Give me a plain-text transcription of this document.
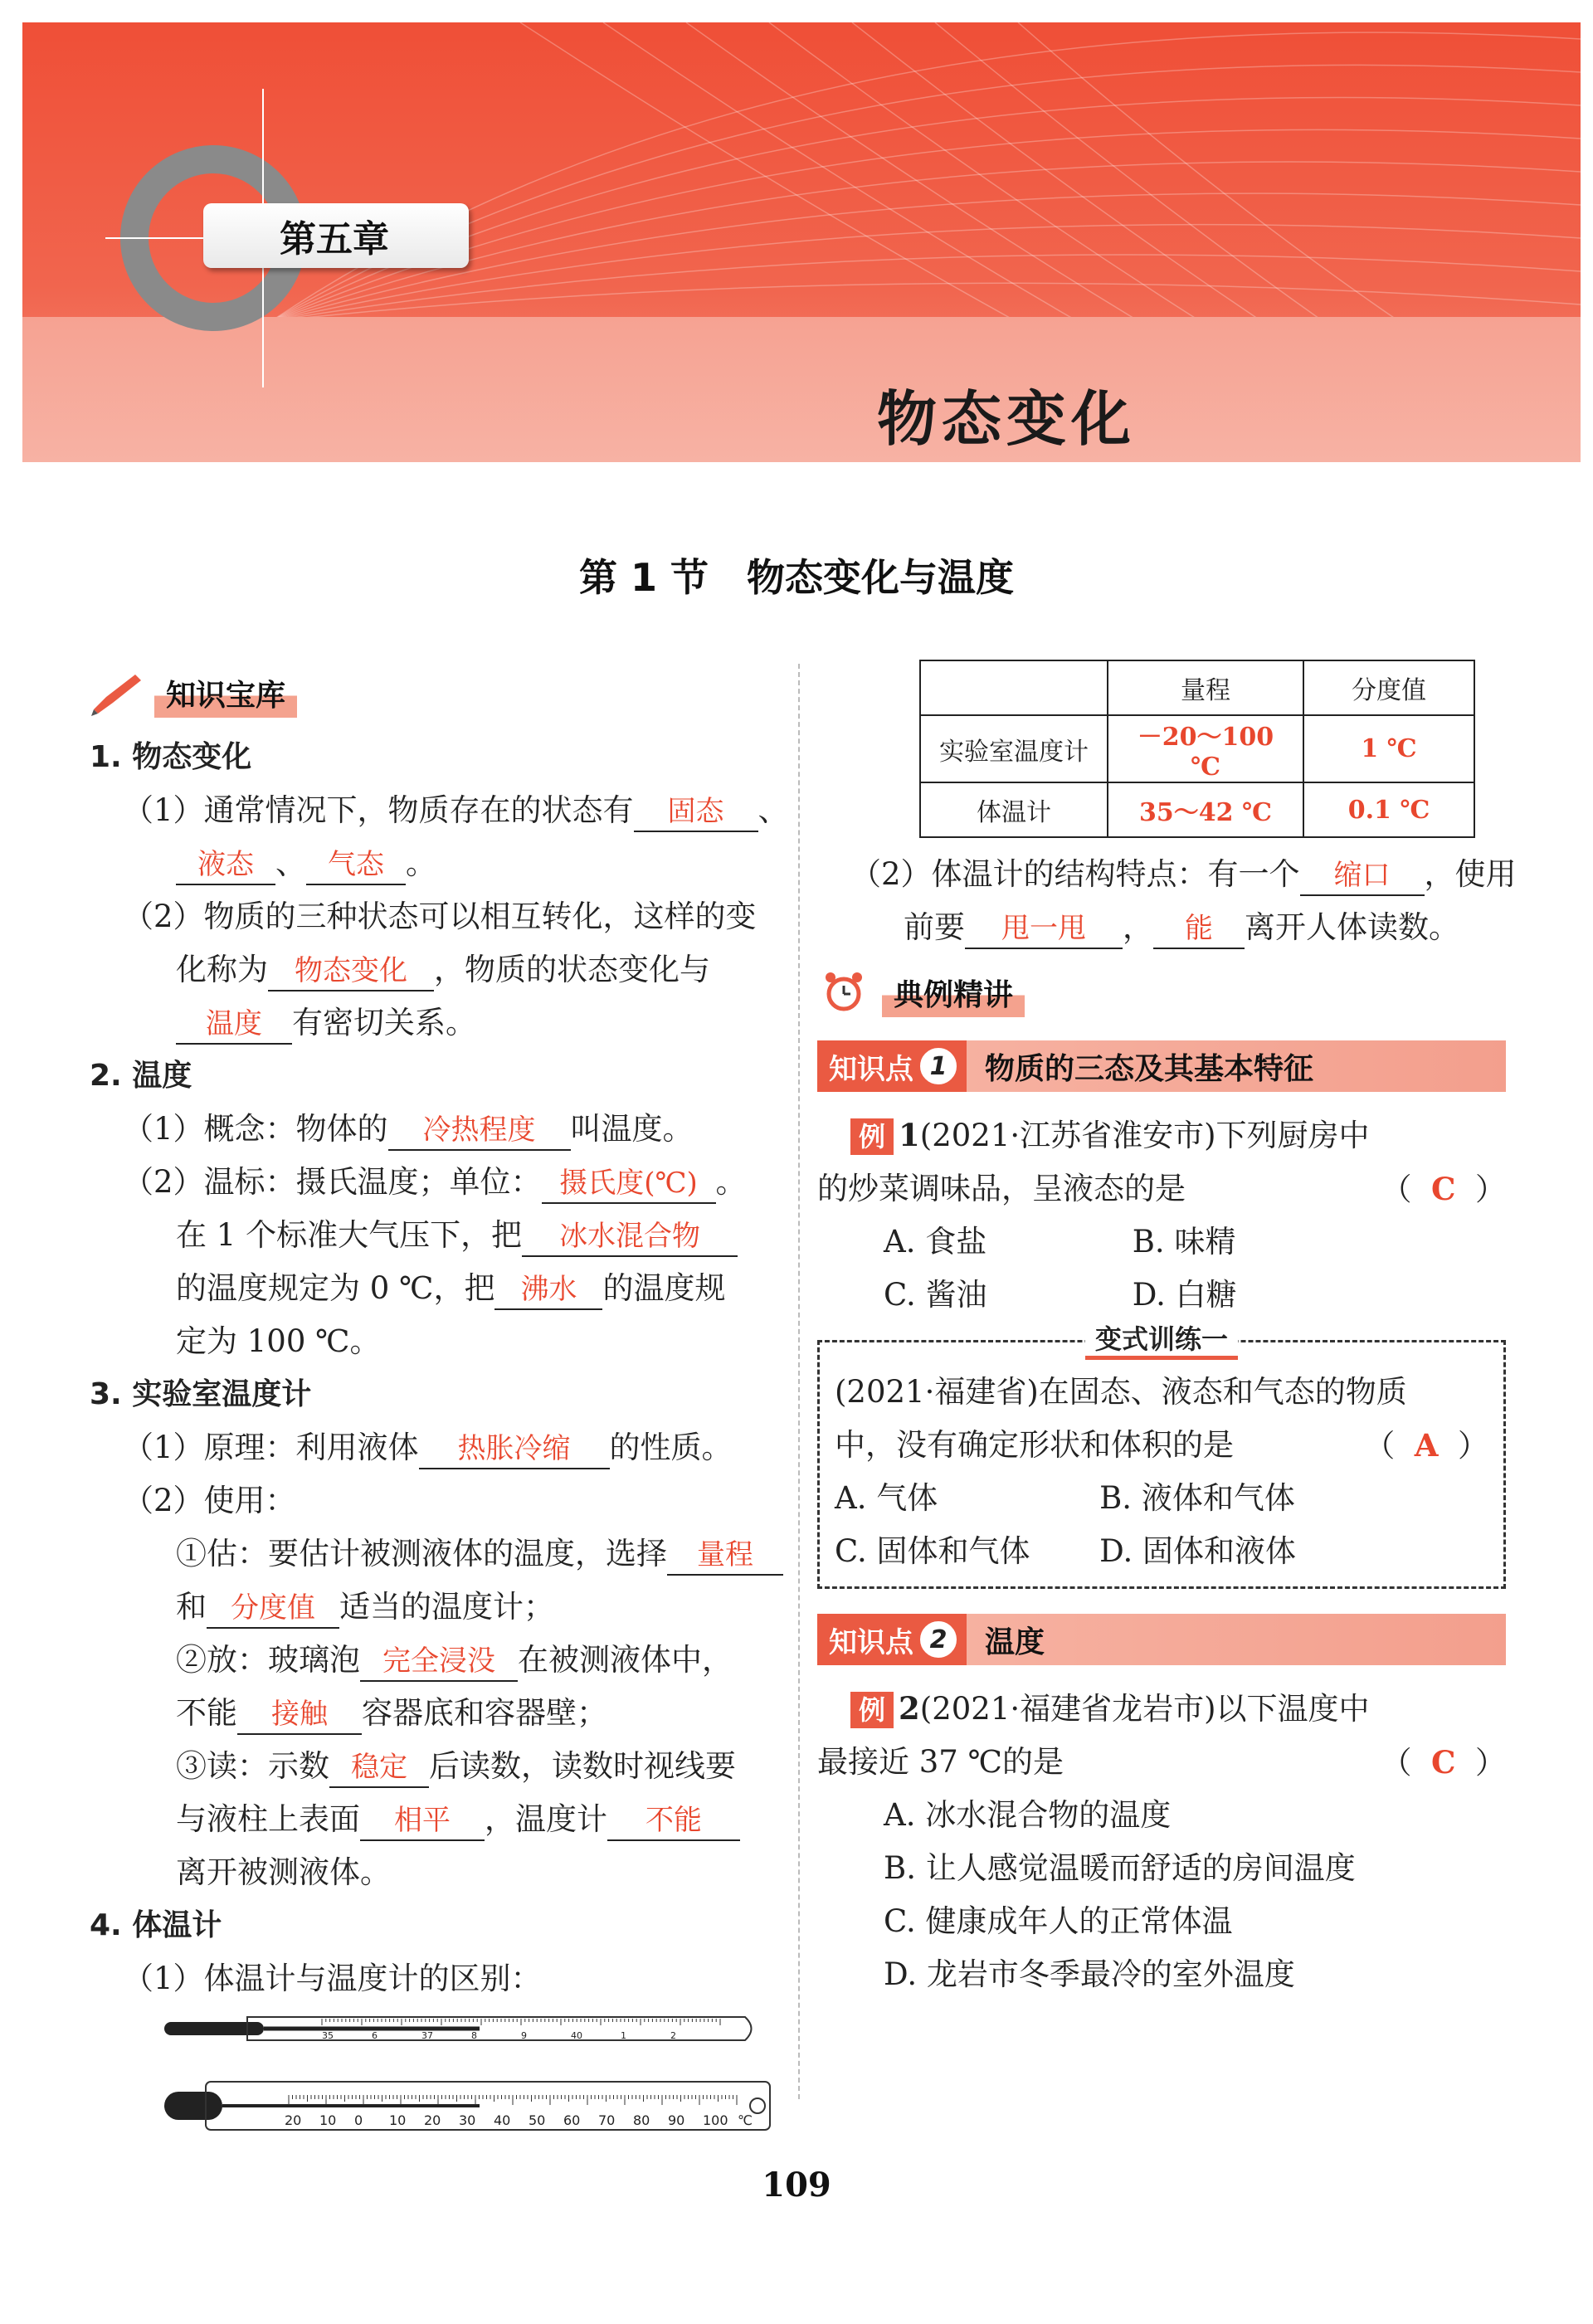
第五章
物态变化
第 1 节　物态变化与温度
知识宝库
1. 物态变化
（1）通常情况下，物质存在的状态有 固态 、
液态 、 气态 。
（2）物质的三种状态可以相互转化，这样的变
化称为 物态变化 ，物质的状态变化与
温度 有密切关系。
2. 温度
（1）概念：物体的 冷热程度 叫温度。
（2）温标：摄氏温度；单位： 摄氏度(℃) 。
在 1 个标准大气压下，把 冰水混合物
的温度规定为 0 ℃，把 沸水 的温度规
定为 100 ℃。
3. 实验室温度计
（1）原理：利用液体 热胀冷缩 的性质。
（2）使用：
①估：要估计被测液体的温度，选择 量程
和 分度值 适当的温度计；
②放：玻璃泡 完全浸没 在被测液体中，
不能 接触 容器底和容器壁；
③读：示数 稳定 后读数，读数时视线要
与液柱上表面 相平 ，温度计 不能
离开被测液体。
4. 体温计
（1）体温计与温度计的区别：
35	6	37	8	9	40	1	2
20 10 0 10 20 30 40 50 60 70 80 90 100 ℃
	量程	分度值
实验室温度计	－20～100 ℃	1 ℃
体温计	35～42 ℃	0.1 ℃
（2）体温计的结构特点：有一个 缩口 ，使用
前要 甩一甩 ， 能 离开人体读数。
典例精讲
知识点 1	物质的三态及其基本特征
例 1(2021·江苏省淮安市)下列厨房中
的炒菜调味品，呈液态的是	（ C ）
A. 食盐	B. 味精
C. 酱油	D. 白糖
变式训练一
(2021·福建省)在固态、液态和气态的物质
中，没有确定形状和体积的是	（ A ）
A. 气体	B. 液体和气体
C. 固体和气体	D. 固体和液体
知识点 2	温度
例 2(2021·福建省龙岩市)以下温度中
最接近 37 ℃的是	（ C ）
A. 冰水混合物的温度
B. 让人感觉温暖而舒适的房间温度
C. 健康成年人的正常体温
D. 龙岩市冬季最冷的室外温度
109
